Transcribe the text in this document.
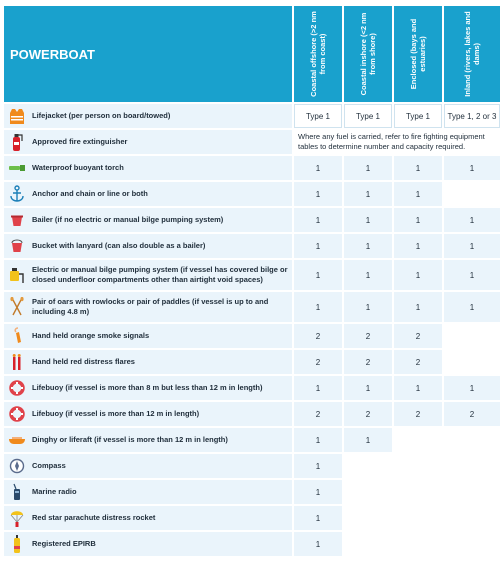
POWERBOAT	Coastal offshore (>2 nm from coast)	Coastal inshore (<2 nm from shore)	Enclosed (bays and estuaries)	Inland (rivers, lakes and dams)

Lifejacket (per person on board/towed)	Type 1	Type 1	Type 1	Type 1, 2 or 3

Approved fire extinguisher	Where any fuel is carried, refer to fire fighting equipment tables to determine number and capacity required.			

Waterproof buoyant torch	1	1	1	1

Anchor and chain or line or both	1	1	1	

Bailer (if no electric or manual bilge pumping system)	1	1	1	1

Bucket with lanyard (can also double as a bailer)	1	1	1	1

Electric or manual bilge pumping system (if vessel has covered bilge or closed underfloor compartments other than airtight void spaces)	1	1	1	1

Pair of oars with rowlocks or pair of paddles (if vessel is up to and including 4.8 m)	1	1	1	1

Hand held orange smoke signals	2	2	2	

Hand held red distress flares	2	2	2	

Lifebuoy (if vessel is more than 8 m but less than 12 m in length)	1	1	1	1

Lifebuoy (if vessel is more than 12 m in length)	2	2	2	2

Dinghy or liferaft (if vessel is more than 12 m in length)	1	1		

Compass	1			

Marine radio	1			

Red star parachute distress rocket	1			

Registered EPIRB	1			
